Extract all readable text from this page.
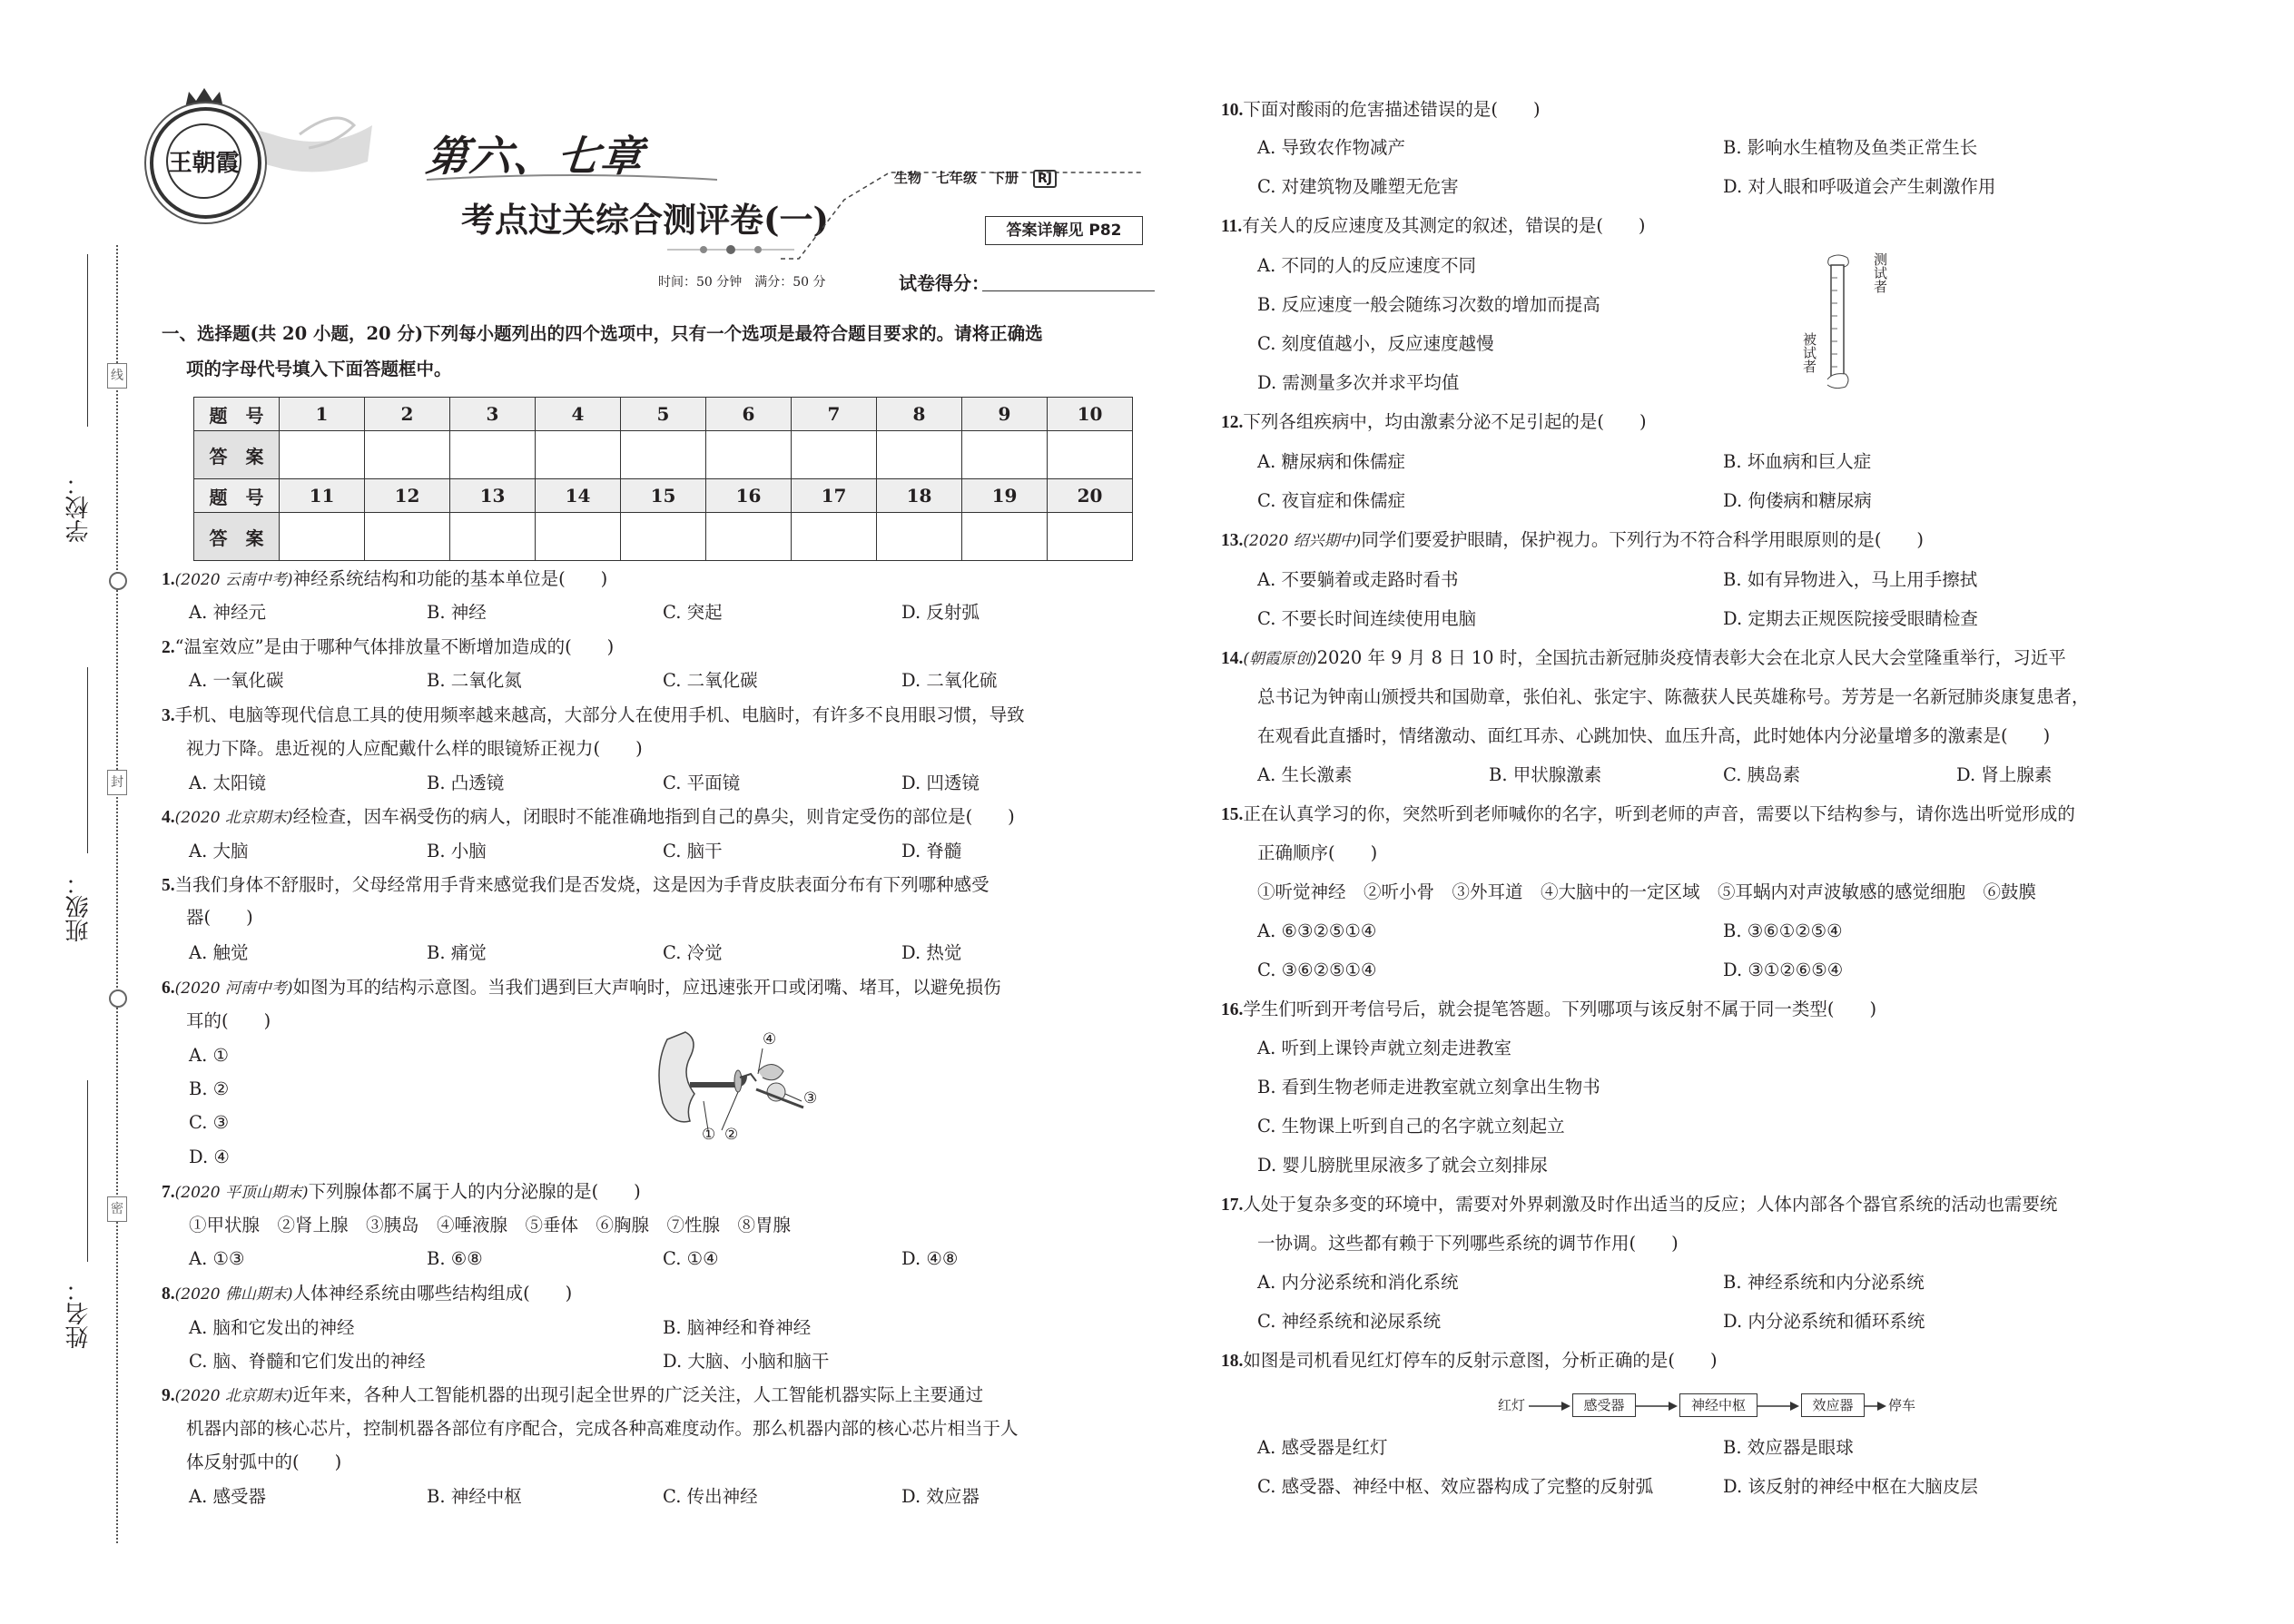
线
封
密
学校：
班级：
姓名：
王朝霞	第六、七章
考点过关综合测评卷(一)
生物 七年级 下册 RJ
答案详解见 P82
时间：50 分钟　满分：50 分	试卷得分：
一、选择题(共 20 小题，20 分)下列每小题列出的四个选项中，只有一个选项是最符合题目要求的。请将正确选
项的字母代号填入下面答题框中。
题　号	1	2	3	4	5	6	7	8	9	10
答　案										
题　号	11	12	13	14	15	16	17	18	19	20
答　案										
1.(2020 云南中考)神经系统结构和功能的基本单位是(　　)
A. 神经元	B. 神经	C. 突起	D. 反射弧
2.“温室效应”是由于哪种气体排放量不断增加造成的(　　)
A. 一氧化碳	B. 二氧化氮	C. 二氧化碳	D. 二氧化硫
3.手机、电脑等现代信息工具的使用频率越来越高，大部分人在使用手机、电脑时，有许多不良用眼习惯，导致
视力下降。患近视的人应配戴什么样的眼镜矫正视力(　　)
A. 太阳镜	B. 凸透镜	C. 平面镜	D. 凹透镜
4.(2020 北京期末)经检查，因车祸受伤的病人，闭眼时不能准确地指到自己的鼻尖，则肯定受伤的部位是(　　)
A. 大脑	B. 小脑	C. 脑干	D. 脊髓
5.当我们身体不舒服时，父母经常用手背来感觉我们是否发烧，这是因为手背皮肤表面分布有下列哪种感受
器(　　)
A. 触觉	B. 痛觉	C. 冷觉	D. 热觉
6.(2020 河南中考)如图为耳的结构示意图。当我们遇到巨大声响时，应迅速张开口或闭嘴、堵耳，以避免损伤
耳的(　　)
A. ①
B. ②
C. ③
D. ④
① ②
③
④
7.(2020 平顶山期末)下列腺体都不属于人的内分泌腺的是(　　)
①甲状腺　②肾上腺　③胰岛　④唾液腺　⑤垂体　⑥胸腺　⑦性腺　⑧胃腺
A. ①③	B. ⑥⑧	C. ①④	D. ④⑧
8.(2020 佛山期末)人体神经系统由哪些结构组成(　　)
A. 脑和它发出的神经	B. 脑神经和脊神经
C. 脑、脊髓和它们发出的神经	D. 大脑、小脑和脑干
9.(2020 北京期末)近年来，各种人工智能机器的出现引起全世界的广泛关注，人工智能机器实际上主要通过
机器内部的核心芯片，控制机器各部位有序配合，完成各种高难度动作。那么机器内部的核心芯片相当于人
体反射弧中的(　　)
A. 感受器	B. 神经中枢	C. 传出神经	D. 效应器
10.下面对酸雨的危害描述错误的是(　　)
A. 导致农作物减产	B. 影响水生植物及鱼类正常生长
C. 对建筑物及雕塑无危害	D. 对人眼和呼吸道会产生刺激作用
11.有关人的反应速度及其测定的叙述，错误的是(　　)
A. 不同的人的反应速度不同
B. 反应速度一般会随练习次数的增加而提高
C. 刻度值越小，反应速度越慢
D. 需测量多次并求平均值
测试者
被试者
12.下列各组疾病中，均由激素分泌不足引起的是(　　)
A. 糖尿病和侏儒症	B. 坏血病和巨人症
C. 夜盲症和侏儒症	D. 佝偻病和糖尿病
13.(2020 绍兴期中)同学们要爱护眼睛，保护视力。下列行为不符合科学用眼原则的是(　　)
A. 不要躺着或走路时看书	B. 如有异物进入，马上用手擦拭
C. 不要长时间连续使用电脑	D. 定期去正规医院接受眼睛检查
14.(朝霞原创)2020 年 9 月 8 日 10 时，全国抗击新冠肺炎疫情表彰大会在北京人民大会堂隆重举行，习近平
总书记为钟南山颁授共和国勋章，张伯礼、张定宇、陈薇获人民英雄称号。芳芳是一名新冠肺炎康复患者，
在观看此直播时，情绪激动、面红耳赤、心跳加快、血压升高，此时她体内分泌量增多的激素是(　　)
A. 生长激素	B. 甲状腺激素	C. 胰岛素	D. 肾上腺素
15.正在认真学习的你，突然听到老师喊你的名字，听到老师的声音，需要以下结构参与，请你选出听觉形成的
正确顺序(　　)
①听觉神经　②听小骨　③外耳道　④大脑中的一定区域　⑤耳蜗内对声波敏感的感觉细胞　⑥鼓膜
A. ⑥③②⑤①④	B. ③⑥①②⑤④
C. ③⑥②⑤①④	D. ③①②⑥⑤④
16.学生们听到开考信号后，就会提笔答题。下列哪项与该反射不属于同一类型(　　)
A. 听到上课铃声就立刻走进教室
B. 看到生物老师走进教室就立刻拿出生物书
C. 生物课上听到自己的名字就立刻起立
D. 婴儿膀胱里尿液多了就会立刻排尿
17.人处于复杂多变的环境中，需要对外界刺激及时作出适当的反应；人体内部各个器官系统的活动也需要统
一协调。这些都有赖于下列哪些系统的调节作用(　　)
A. 内分泌系统和消化系统	B. 神经系统和内分泌系统
C. 神经系统和泌尿系统	D. 内分泌系统和循环系统
18.如图是司机看见红灯停车的反射示意图，分析正确的是(　　)
红灯	感受器	神经中枢	效应器	停车
A. 感受器是红灯	B. 效应器是眼球
C. 感受器、神经中枢、效应器构成了完整的反射弧	D. 该反射的神经中枢在大脑皮层
